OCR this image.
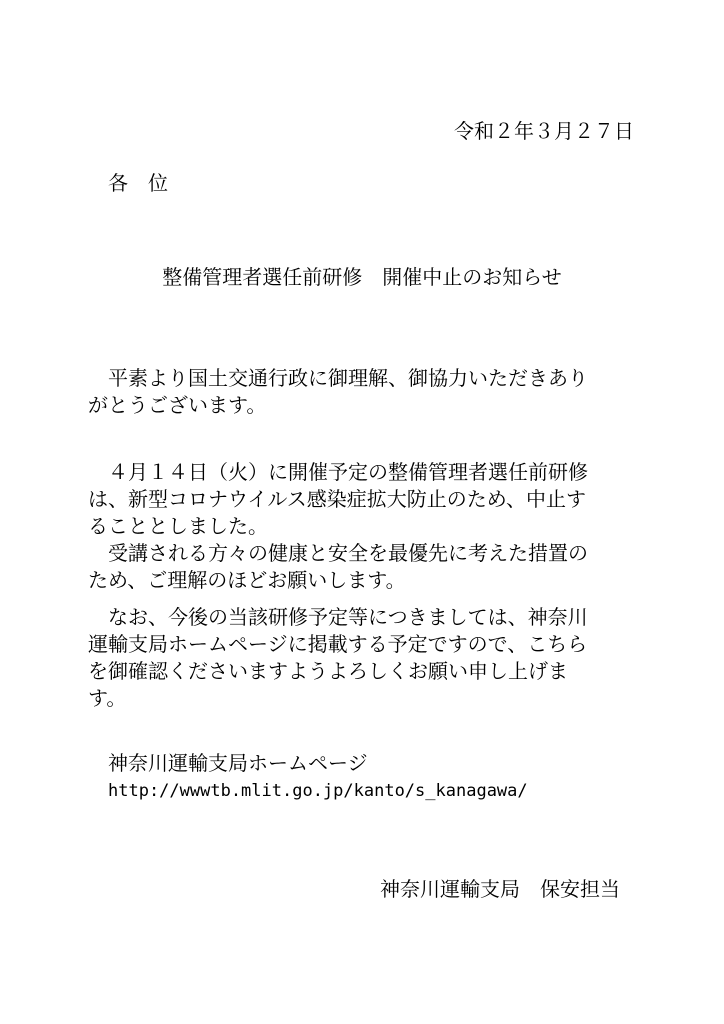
令和２年３月２７日
各　位
整備管理者選任前研修　開催中止のお知らせ
　平素より国土交通行政に御理解、御協力いただきあり
がとうございます。
　４月１４日（火）に開催予定の整備管理者選任前研修
は、新型コロナウイルス感染症拡大防止のため、中止す
ることとしました。
　受講される方々の健康と安全を最優先に考えた措置の
ため、ご理解のほどお願いします。
　なお、今後の当該研修予定等につきましては、神奈川
運輸支局ホームページに掲載する予定ですので、こちら
を御確認くださいますようよろしくお願い申し上げま
す。
神奈川運輸支局ホームページ
http://wwwtb.mlit.go.jp/kanto/s_kanagawa/
神奈川運輸支局　保安担当
